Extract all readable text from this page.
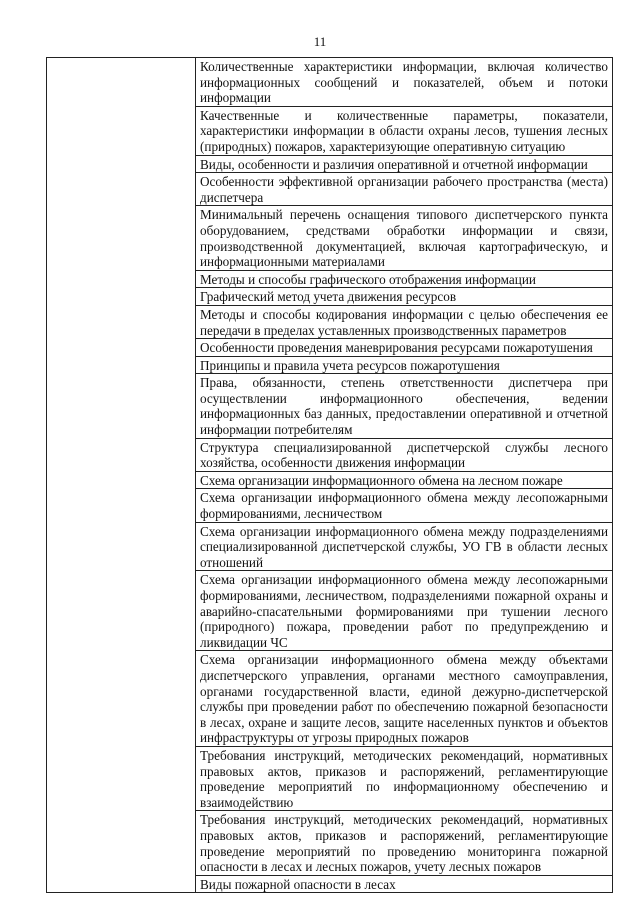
11
	Количественные характеристики информации, включая количество информационных сообщений и показателей, объем и потоки информации
Качественные и количественные параметры, показатели, характеристики информации в области охраны лесов, тушения лесных (природных) пожаров, характеризующие оперативную ситуацию
Виды, особенности и различия оперативной и отчетной информации
Особенности эффективной организации рабочего пространства (места) диспетчера
Минимальный перечень оснащения типового диспетчерского пункта оборудованием, средствами обработки информации и связи, производственной документацией, включая картографическую, и информационными материалами
Методы и способы графического отображения информации
Графический метод учета движения ресурсов
Методы и способы кодирования информации с целью обеспечения ее передачи в пределах уставленных производственных параметров
Особенности проведения маневрирования ресурсами пожаротушения
Принципы и правила учета ресурсов пожаротушения
Права, обязанности, степень ответственности диспетчера при осуществлении информационного обеспечения, ведении информационных баз данных, предоставлении оперативной и отчетной информации потребителям
Структура специализированной диспетчерской службы лесного хозяйства, особенности движения информации
Схема организации информационного обмена на лесном пожаре
Схема организации информационного обмена между лесопожарными формированиями, лесничеством
Схема организации информационного обмена между подразделениями специализированной диспетчерской службы, УО ГВ в области лесных отношений
Схема организации информационного обмена между лесопожарными формированиями, лесничеством, подразделениями пожарной охраны и аварийно-спасательными формированиями при тушении лесного (природного) пожара, проведении работ по предупреждению и ликвидации ЧС
Схема организации информационного обмена между объектами диспетчерского управления, органами местного самоуправления, органами государственной власти, единой дежурно-диспетчерской службы при проведении работ по обеспечению пожарной безопасности в лесах, охране и защите лесов, защите населенных пунктов и объектов инфраструктуры от угрозы природных пожаров
Требования инструкций, методических рекомендаций, нормативных правовых актов, приказов и распоряжений, регламентирующие проведение мероприятий по информационному обеспечению и взаимодействию
Требования инструкций, методических рекомендаций, нормативных правовых актов, приказов и распоряжений, регламентирующие проведение мероприятий по проведению мониторинга пожарной опасности в лесах и лесных пожаров, учету лесных пожаров
Виды пожарной опасности в лесах
